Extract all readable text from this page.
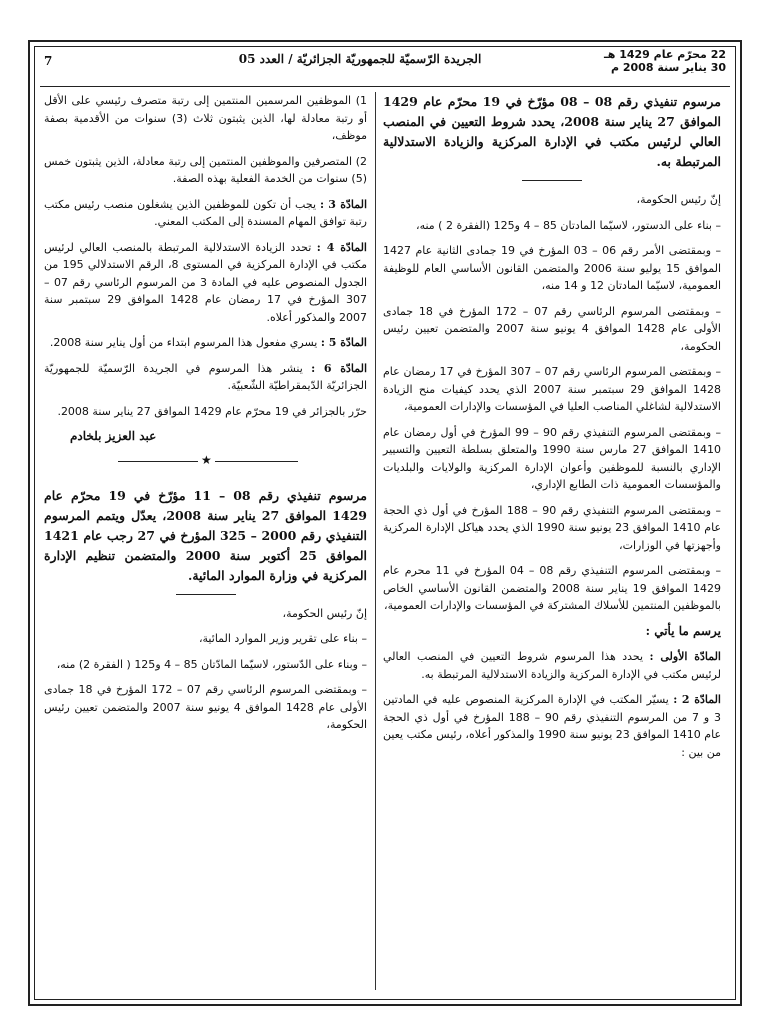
7	الجريدة الرّسميّة للجمهوريّة الجزائريّة / العدد 05	22 محرّم عام 1429 هـ
30 يناير سنة 2008 م

مرسوم تنفيذي رقم 08 – 08 مؤرّخ في 19 محرّم عام 1429 الموافق 27 يناير سنة 2008، يحدد شروط التعيين في المنصب العالي لرئيس مكتب في الإدارة المركزية والزيادة الاستدلالية المرتبطة به.

إنّ رئيس الحكومة،

– بناء على الدستور، لاسيّما المادتان 85 – 4 و125 (الفقرة 2 ) منه،

– وبمقتضى الأمر رقم 06 – 03 المؤرخ في 19 جمادى الثانية عام 1427 الموافق 15 يوليو سنة 2006 والمتضمن القانون الأساسي العام للوظيفة العمومية، لاسيّما المادتان 12 و 14 منه،

– وبمقتضى المرسوم الرئاسي رقم 07 – 172 المؤرخ في 18 جمادى الأولى عام 1428 الموافق 4 يونيو سنة 2007 والمتضمن تعيين رئيس الحكومة،

– وبمقتضى المرسوم الرئاسي رقم 07 – 307 المؤرخ في 17 رمضان عام 1428 الموافق 29 سبتمبر سنة 2007 الذي يحدد كيفيات منح الزيادة الاستدلالية لشاغلي المناصب العليا في المؤسسات والإدارات العمومية،

– وبمقتضى المرسوم التنفيذي رقم 90 – 99 المؤرخ في أول رمضان عام 1410 الموافق 27 مارس سنة 1990 والمتعلق بسلطة التعيين والتسيير الإداري بالنسبة للموظفين وأعوان الإدارة المركزية والولايات والبلديات والمؤسسات العمومية ذات الطابع الإداري،

– وبمقتضى المرسوم التنفيذي رقم 90 – 188 المؤرخ في أول ذي الحجة عام 1410 الموافق 23 يونيو سنة 1990 الذي يحدد هياكل الإدارة المركزية وأجهزتها في الوزارات،

– وبمقتضى المرسوم التنفيذي رقم 08 – 04 المؤرخ في 11 محرم عام 1429 الموافق 19 يناير سنة 2008 والمتضمن القانون الأساسي الخاص بالموظفين المنتمين للأسلاك المشتركة في المؤسسات والإدارات العمومية،

يرسم ما يأتي :

المادّة الأولى : يحدد هذا المرسوم شروط التعيين في المنصب العالي لرئيس مكتب في الإدارة المركزية والزيادة الاستدلالية المرتبطة به.

المادّة 2 : يسيّر المكتب في الإدارة المركزية المنصوص عليه في المادتين 3 و 7 من المرسوم التنفيذي رقم 90 – 188 المؤرخ في أول ذي الحجة عام 1410 الموافق 23 يونيو سنة 1990 والمذكور أعلاه، رئيس مكتب يعين من بين :

1) الموظفين المرسمين المنتمين إلى رتبة متصرف رئيسي على الأقل أو رتبة معادلة لها، الذين يثبتون ثلاث (3) سنوات من الأقدمية بصفة موظف،

2) المتصرفين والموظفين المنتمين إلى رتبة معادلة، الذين يثبتون خمس (5) سنوات من الخدمة الفعلية بهذه الصفة.

المادّة 3 : يجب أن تكون للموظفين الذين يشغلون منصب رئيس مكتب رتبة توافق المهام المسندة إلى المكتب المعني.

المادّة 4 : تحدد الزيادة الاستدلالية المرتبطة بالمنصب العالي لرئيس مكتب في الإدارة المركزية في المستوى 8، الرقم الاستدلالي 195 من الجدول المنصوص عليه في المادة 3 من المرسوم الرئاسي رقم 07 – 307 المؤرخ في 17 رمضان عام 1428 الموافق 29 سبتمبر سنة 2007 والمذكور أعلاه.

المادّة 5 : يسري مفعول هذا المرسوم ابتداء من أول يناير سنة 2008.

المادّة 6 : ينشر هذا المرسوم في الجريدة الرّسميّة للجمهوريّة الجزائريّة الدّيمقراطيّة الشّعبيّة.

حرّر بالجزائر في 19 محرّم عام 1429 الموافق 27 يناير سنة 2008.

عبد العزيز بلخادم

★

مرسوم تنفيذي رقم 08 – 11 مؤرّخ في 19 محرّم عام 1429 الموافق 27 يناير سنة 2008، يعدّل ويتمم المرسوم التنفيذي رقم 2000 – 325 المؤرخ في 27 رجب عام 1421 الموافق 25 أكتوبر سنة 2000 والمتضمن تنظيم الإدارة المركزية في وزارة الموارد المائية.

إنّ رئيس الحكومة،

– بناء على تقرير وزير الموارد المائية،

– وبناء على الدّستور، لاسيّما المادّتان 85 – 4 و125 ( الفقرة 2) منه،

– وبمقتضى المرسوم الرئاسي رقم 07 – 172 المؤرخ في 18 جمادى الأولى عام 1428 الموافق 4 يونيو سنة 2007 والمتضمن تعيين رئيس الحكومة،
